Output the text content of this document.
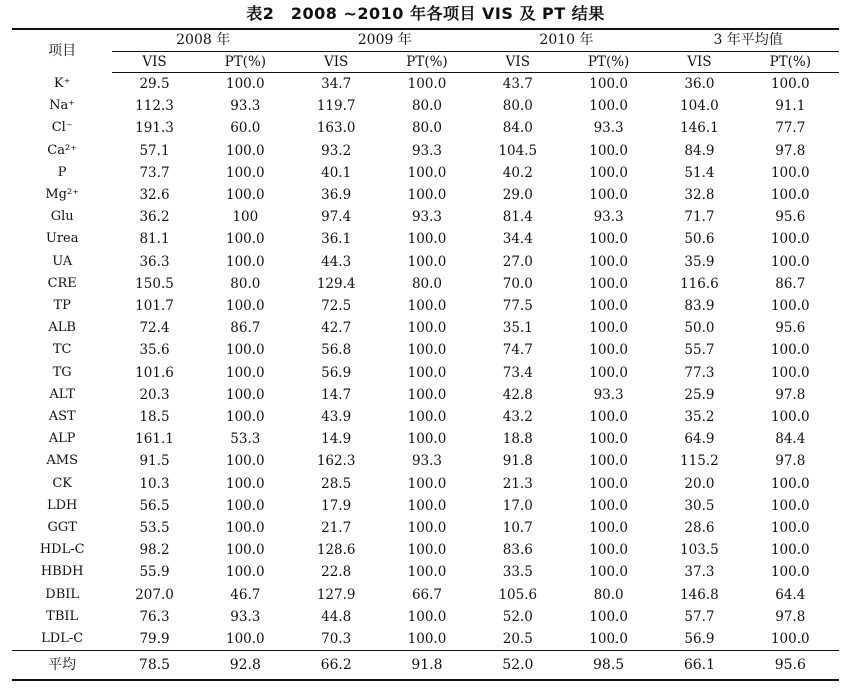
表2　2008 ~2010 年各项目 VIS 及 PT 结果
项目	2008 年		2009 年		2010 年		3 年平均值	
	VIS	PT(%)	VIS	PT(%)	VIS	PT(%)	VIS	PT(%)
K⁺	29.5	100.0	34.7	100.0	43.7	100.0	36.0	100.0
Na⁺	112.3	93.3	119.7	80.0	80.0	100.0	104.0	91.1
Cl⁻	191.3	60.0	163.0	80.0	84.0	93.3	146.1	77.7
Ca²⁺	57.1	100.0	93.2	93.3	104.5	100.0	84.9	97.8
P	73.7	100.0	40.1	100.0	40.2	100.0	51.4	100.0
Mg²⁺	32.6	100.0	36.9	100.0	29.0	100.0	32.8	100.0
Glu	36.2	100	97.4	93.3	81.4	93.3	71.7	95.6
Urea	81.1	100.0	36.1	100.0	34.4	100.0	50.6	100.0
UA	36.3	100.0	44.3	100.0	27.0	100.0	35.9	100.0
CRE	150.5	80.0	129.4	80.0	70.0	100.0	116.6	86.7
TP	101.7	100.0	72.5	100.0	77.5	100.0	83.9	100.0
ALB	72.4	86.7	42.7	100.0	35.1	100.0	50.0	95.6
TC	35.6	100.0	56.8	100.0	74.7	100.0	55.7	100.0
TG	101.6	100.0	56.9	100.0	73.4	100.0	77.3	100.0
ALT	20.3	100.0	14.7	100.0	42.8	93.3	25.9	97.8
AST	18.5	100.0	43.9	100.0	43.2	100.0	35.2	100.0
ALP	161.1	53.3	14.9	100.0	18.8	100.0	64.9	84.4
AMS	91.5	100.0	162.3	93.3	91.8	100.0	115.2	97.8
CK	10.3	100.0	28.5	100.0	21.3	100.0	20.0	100.0
LDH	56.5	100.0	17.9	100.0	17.0	100.0	30.5	100.0
GGT	53.5	100.0	21.7	100.0	10.7	100.0	28.6	100.0
HDL-C	98.2	100.0	128.6	100.0	83.6	100.0	103.5	100.0
HBDH	55.9	100.0	22.8	100.0	33.5	100.0	37.3	100.0
DBIL	207.0	46.7	127.9	66.7	105.6	80.0	146.8	64.4
TBIL	76.3	93.3	44.8	100.0	52.0	100.0	57.7	97.8
LDL-C	79.9	100.0	70.3	100.0	20.5	100.0	56.9	100.0
平均	78.5	92.8	66.2	91.8	52.0	98.5	66.1	95.6
